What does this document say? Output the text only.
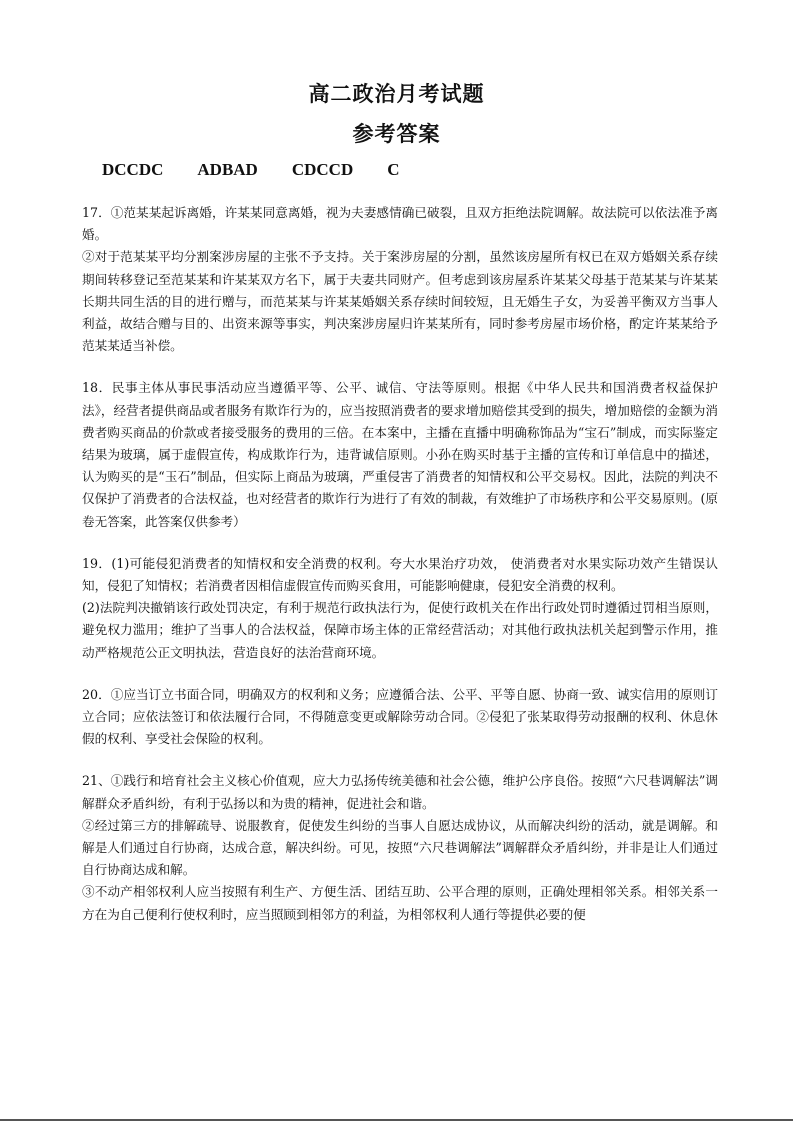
高二政治月考试题
参考答案
DCCDC ADBAD CDCCD C

17．①范某某起诉离婚，许某某同意离婚，视为夫妻感情确已破裂，且双方拒绝法院调解。故法院可以依法准予离婚。

②对于范某某平均分割案涉房屋的主张不予支持。关于案涉房屋的分割，虽然该房屋所有权已在双方婚姻关系存续期间转移登记至范某某和许某某双方名下，属于夫妻共同财产。但考虑到该房屋系许某某父母基于范某某与许某某长期共同生活的目的进行赠与，而范某某与许某某婚姻关系存续时间较短，且无婚生子女，为妥善平衡双方当事人利益，故结合赠与目的、出资来源等事实，判决案涉房屋归许某某所有，同时参考房屋市场价格，酌定许某某给予范某某适当补偿。

18．民事主体从事民事活动应当遵循平等、公平、诚信、守法等原则。根据《中华人民共和国消费者权益保护法》，经营者提供商品或者服务有欺诈行为的，应当按照消费者的要求增加赔偿其受到的损失，增加赔偿的金额为消费者购买商品的价款或者接受服务的费用的三倍。在本案中，主播在直播中明确称饰品为“宝石”制成，而实际鉴定结果为玻璃，属于虚假宣传，构成欺诈行为，违背诚信原则。小孙在购买时基于主播的宣传和订单信息中的描述，认为购买的是“玉石”制品，但实际上商品为玻璃，严重侵害了消费者的知情权和公平交易权。因此，法院的判决不仅保护了消费者的合法权益，也对经营者的欺诈行为进行了有效的制裁，有效维护了市场秩序和公平交易原则。(原卷无答案，此答案仅供参考）

19．(1)可能侵犯消费者的知情权和安全消费的权利。夸大水果治疗功效， 使消费者对水果实际功效产生错误认知，侵犯了知情权；若消费者因相信虚假宣传而购买食用，可能影响健康，侵犯安全消费的权利。

(2)法院判决撤销该行政处罚决定，有利于规范行政执法行为，促使行政机关在作出行政处罚时遵循过罚相当原则，避免权力滥用；维护了当事人的合法权益，保障市场主体的正常经营活动；对其他行政执法机关起到警示作用，推动严格规范公正文明执法，营造良好的法治营商环境。

20．①应当订立书面合同，明确双方的权利和义务；应遵循合法、公平、平等自愿、协商一致、诚实信用的原则订立合同；应依法签订和依法履行合同，不得随意变更或解除劳动合同。②侵犯了张某取得劳动报酬的权利、休息休假的权利、享受社会保险的权利。

21、①践行和培育社会主义核心价值观，应大力弘扬传统美德和社会公德，维护公序良俗。按照“六尺巷调解法”调解群众矛盾纠纷，有利于弘扬以和为贵的精神，促进社会和谐。

②经过第三方的排解疏导、说服教育，促使发生纠纷的当事人自愿达成协议，从而解决纠纷的活动，就是调解。和解是人们通过自行协商，达成合意，解决纠纷。可见，按照“六尺巷调解法”调解群众矛盾纠纷，并非是让人们通过自行协商达成和解。

③不动产相邻权利人应当按照有利生产、方便生活、团结互助、公平合理的原则，正确处理相邻关系。相邻关系一方在为自己便利行使权利时，应当照顾到相邻方的利益，为相邻权利人通行等提供必要的便
